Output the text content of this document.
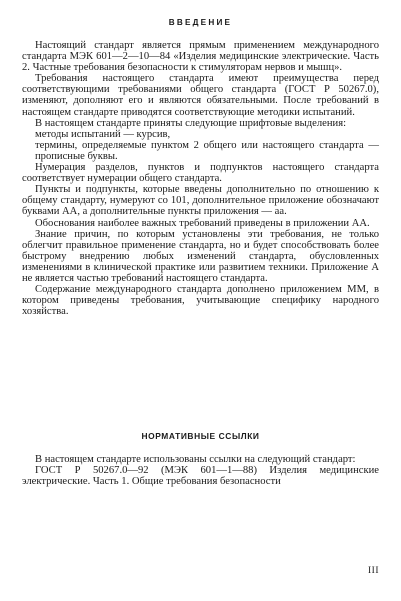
ВВЕДЕНИЕ

Настоящий стандарт является прямым применением международного стандарта МЭК 601—2—10—84 «Изделия медицинские электрические. Часть 2. Частные требования безопасности к стимуляторам нервов и мышц».

Требования настоящего стандарта имеют преимущества перед соответствующими требованиями общего стандарта (ГОСТ Р 50267.0), изменяют, дополняют его и являются обязательными. После требований в настоящем стандарте приводятся соответствующие методики испытаний.

В настоящем стандарте приняты следующие шрифтовые выделения:

методы испытаний — курсив,

термины, определяемые пунктом 2 общего или настоящего стандарта — прописные буквы.

Нумерация разделов, пунктов и подпунктов настоящего стандарта соответствует нумерации общего стандарта.

Пункты и подпункты, которые введены дополнительно по отношению к общему стандарту, нумеруют со 101, дополнительное приложение обозначают буквами АА, а дополнительные пункты приложения — аа.

Обоснования наиболее важных требований приведены в приложении АА.

Знание причин, по которым установлены эти требования, не только облегчит правильное применение стандарта, но и будет способствовать более быстрому внедрению любых изменений стандарта, обусловленных изменениями в клинической практике или развитием техники. Приложение А не является частью требований настоящего стандарта.

Содержание международного стандарта дополнено приложением ММ, в котором приведены требования, учитывающие специфику народного хозяйства.

НОРМАТИВНЫЕ ССЫЛКИ

В настоящем стандарте использованы ссылки на следующий стандарт:

ГОСТ Р 50267.0—92 (МЭК 601—1—88) Изделия медицинские электрические. Часть 1. Общие требования безопасности

III
